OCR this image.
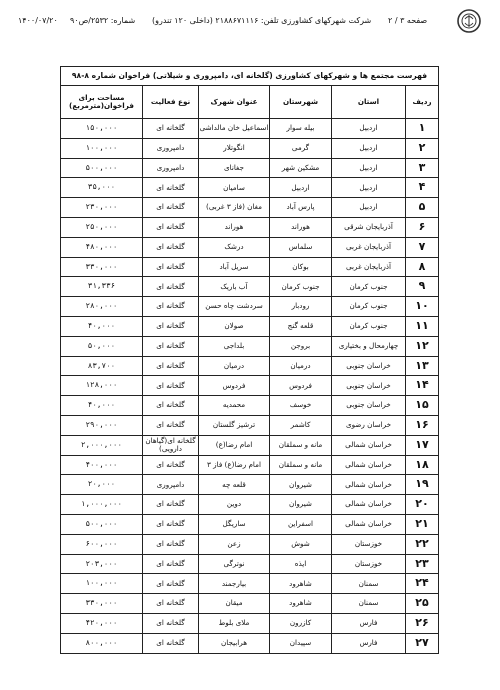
۱۴۰۰/۰۷/۲۰ شماره: ۲۵۳۲/ص۹۰ شرکت شهرکهای کشاورزی تلفن: ۲۱۸۸۶۷۱۱۱۶ (داخلی ۱۲۰ تندرو) صفحه ۳ / ۲
فهرست مجتمع ها و شهرکهای کشاورزی (گلخانه ای، دامپروری و شیلاتی) فراخوان شماره ۸-۹۸					
ردیف	استان	شهرستان	عنوان شهرک	نوع فعالیت	مساحت برای فراخوان(مترمربع)
۱	اردبیل	بیله سوار	اسماعیل خان مالداشی	گلخانه ای	۱۵۰,۰۰۰
۲	اردبیل	گرمی	انگوتلار	دامپروری	۱۰۰,۰۰۰
۳	اردبیل	مشکین شهر	جغانای	دامپروری	۵۰۰,۰۰۰
۴	اردبیل	اردبیل	سامیان	گلخانه ای	۳۵,۰۰۰
۵	اردبیل	پارس آباد	مغان (فاز ۳ غربی)	گلخانه ای	۲۳۰,۰۰۰
۶	آذربایجان شرقی	هوراند	هوراند	گلخانه ای	۲۵۰,۰۰۰
۷	آذربایجان غربی	سلماس	درشک	گلخانه ای	۴۸۰,۰۰۰
۸	آذربایجان غربی	بوکان	سریل آباد	گلخانه ای	۳۳۰,۰۰۰
۹	جنوب کرمان	جنوب کرمان	آب باریک	گلخانه ای	۳۱,۳۳۶
۱۰	جنوب کرمان	رودبار	سردشت چاه حسن	گلخانه ای	۲۸۰,۰۰۰
۱۱	جنوب کرمان	قلعه گنج	صولان	گلخانه ای	۴۰,۰۰۰
۱۲	چهارمحال و بختیاری	بروجن	بلداجی	گلخانه ای	۵۰,۰۰۰
۱۳	خراسان جنوبی	درمیان	درمیان	گلخانه ای	۸۳,۷۰۰
۱۴	خراسان جنوبی	فردوس	فردوس	گلخانه ای	۱۲۸,۰۰۰
۱۵	خراسان جنوبی	خوسف	محمدیه	گلخانه ای	۴۰,۰۰۰
۱۶	خراسان رضوی	کاشمر	ترشیز گلستان	گلخانه ای	۲۹۰,۰۰۰
۱۷	خراسان شمالی	مانه و سملقان	امام رضا(ع)	گلخانه ای(گیاهان دارویی)	۲,۰۰۰,۰۰۰
۱۸	خراسان شمالی	مانه و سملقان	امام رضا(ع) فاز ۳	گلخانه ای	۴۰۰,۰۰۰
۱۹	خراسان شمالی	شیروان	قلعه چه	دامپروری	۲۰,۰۰۰
۲۰	خراسان شمالی	شیروان	دوین	گلخانه ای	۱,۰۰۰,۰۰۰
۲۱	خراسان شمالی	اسفراین	ساریگل	گلخانه ای	۵۰۰,۰۰۰
۲۲	خوزستان	شوش	زعن	گلخانه ای	۶۰۰,۰۰۰
۲۳	خوزستان	ایذه	نوترگی	گلخانه ای	۲۰۳,۰۰۰
۲۴	سمنان	شاهرود	بیارجمند	گلخانه ای	۱۰۰,۰۰۰
۲۵	سمنان	شاهرود	میقان	گلخانه ای	۳۳۰,۰۰۰
۲۶	فارس	کازرون	ملای بلوط	گلخانه ای	۴۲۰,۰۰۰
۲۷	فارس	سپیدان	هرابیجان	گلخانه ای	۸۰۰,۰۰۰
